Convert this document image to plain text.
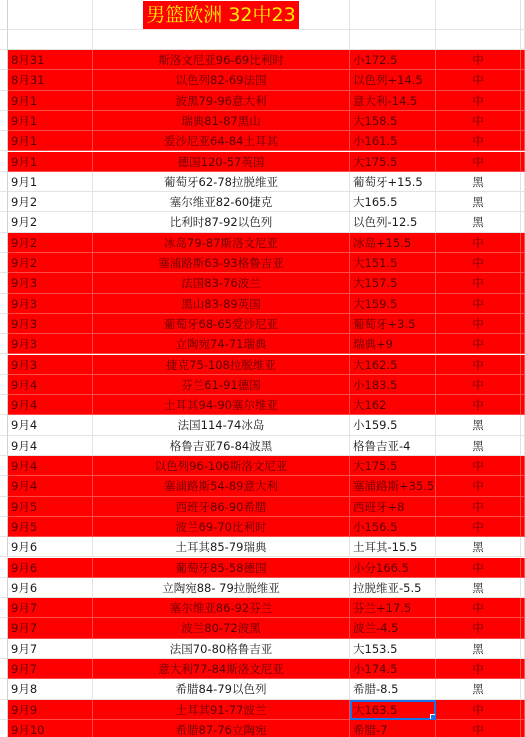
男篮欧洲 32中23
8月31	斯洛文尼亚96-69比利时	小172.5	中
8月31	以色列82-69法国	以色列+14.5	中
9月1	波黑79-96意大利	意大利-14.5	中
9月1	瑞典81-87黑山	大158.5	中
9月1	爱沙尼亚64-84土耳其	小161.5	中
9月1	德国120-57英国	大175.5	中
9月1	葡萄牙62-78拉脱维亚	葡萄牙+15.5	黑
9月2	塞尔维亚82-60捷克	大165.5	黑
9月2	比利时87-92以色列	以色列-12.5	黑
9月2	冰岛79-87斯洛文尼亚	冰岛+15.5	中
9月2	塞浦路斯63-93格鲁吉亚	大151.5	中
9月3	法国83-76波兰	大157.5	中
9月3	黑山83-89英国	大159.5	中
9月3	葡萄牙68-65爱沙尼亚	葡萄牙+3.5	中
9月3	立陶宛74-71瑞典	瑞典+9	中
9月3	捷克75-108拉脱维亚	大162.5	中
9月4	芬兰61-91德国	小183.5	中
9月4	土耳其94-90塞尔维亚	大162	中
9月4	法国114-74冰岛	小159.5	黑
9月4	格鲁吉亚76-84波黑	格鲁吉亚-4	黑
9月4	以色列96-106斯洛文尼亚	大175.5	中
9月4	塞浦路斯54-89意大利	塞浦路斯+35.5	中
9月5	西班牙86-90希腊	西班牙+8	中
9月5	波兰69-70比利时	小156.5	中
9月6	土耳其85-79瑞典	土耳其-15.5	黑
9月6	葡萄牙85-58德国	小分166.5	中
9月6	立陶宛88- 79拉脱维亚	拉脱维亚-5.5	黑
9月7	塞尔维亚86-92芬兰	芬兰+17.5	中
9月7	波兰80-72波黑	波兰-4.5	中
9月7	法国70-80格鲁吉亚	大153.5	黑
9月7	意大利77-84斯洛文尼亚	小174.5	中
9月8	希腊84-79以色列	希腊-8.5	黑
9月9	土耳其91-77波兰	大163.5	中
9月10	希腊87-76立陶宛	希腊-7	中
